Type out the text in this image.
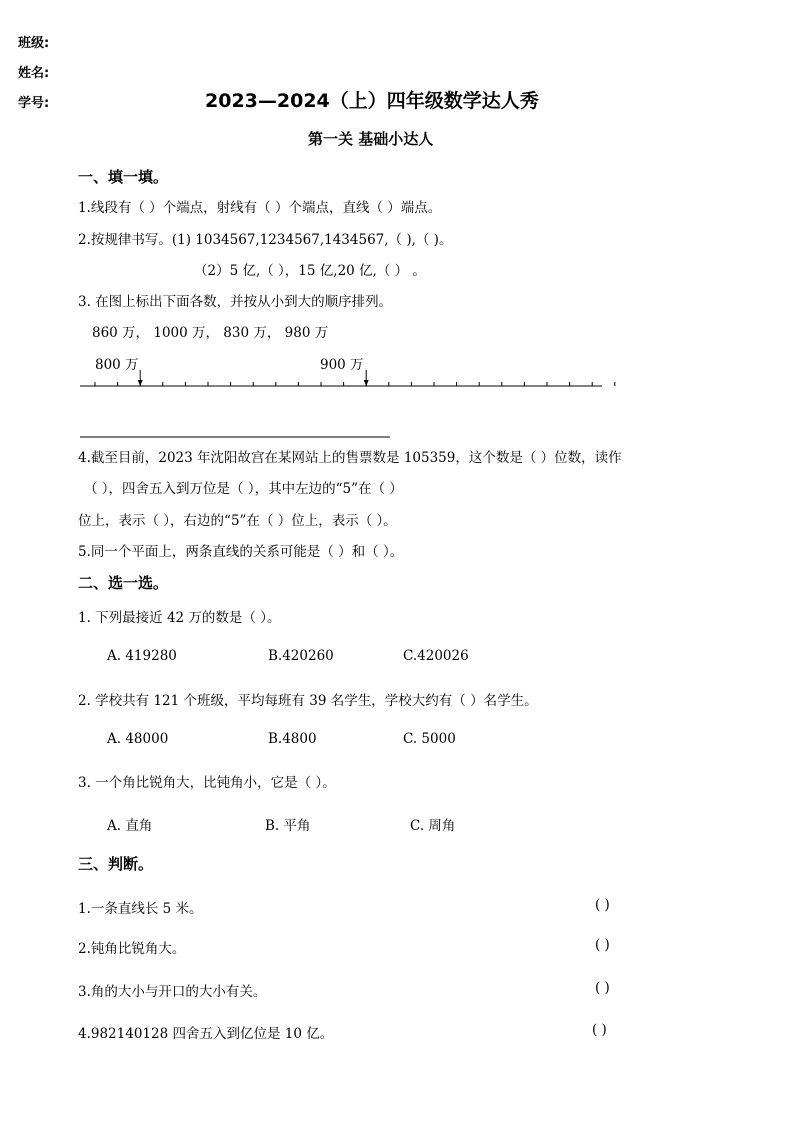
班级:
姓名:
学号:	2023—2024（上）四年级数学达人秀
第一关 基础小达人
一、填一填。
1.线段有（ ）个端点，射线有（ ）个端点，直线（ ）端点。
2.按规律书写。(1) 1034567,1234567,1434567,（ ),（ )。
（2）5 亿,（ ），15 亿,20 亿,（ ） 。
3. 在图上标出下面各数，并按从小到大的顺序排列。
860 万， 1000 万， 830 万， 980 万
800 万	900 万
4.截至目前，2023 年沈阳故宫在某网站上的售票数是 105359，这个数是（ ）位数，读作
（ ），四舍五入到万位是（ ），其中左边的“5”在（ ）
位上，表示（ ），右边的“5”在（ ）位上，表示（ ）。
5.同一个平面上，两条直线的关系可能是（ ）和（ ）。
二、选一选。
1. 下列最接近 42 万的数是（ ）。
A. 419280	B.420260	C.420026
2. 学校共有 121 个班级，平均每班有 39 名学生，学校大约有（ ）名学生。
A. 48000	B.4800	C. 5000
3. 一个角比锐角大，比钝角小，它是（ ）。
A. 直角	B. 平角	C. 周角
三、判断。
1.一条直线长 5 米。	( )
2.钝角比锐角大。	( )
3.角的大小与开口的大小有关。	( )
4.982140128 四舍五入到亿位是 10 亿。	( )
